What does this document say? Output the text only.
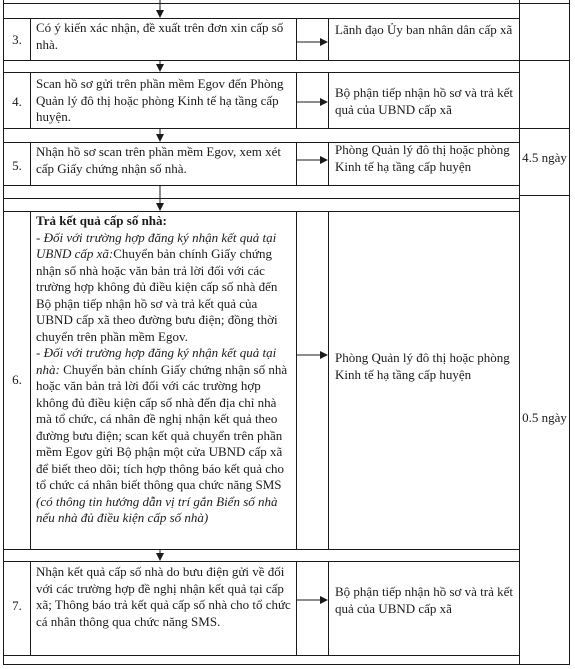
3.
Có ý kiến xác nhận, đề xuất trên đơn xin cấp số nhà.
Lãnh đạo Ủy ban nhân dân cấp xã
4.
Scan hồ sơ gửi trên phần mềm Egov đến Phòng Quản lý đô thị hoặc phòng Kinh tế hạ tầng cấp huyện.
Bộ phận tiếp nhận hồ sơ và trả kết quả của UBND cấp xã
5.
Nhận hồ sơ scan trên phần mềm Egov, xem xét cấp Giấy chứng nhận số nhà.
Phòng Quản lý đô thị hoặc phòng Kinh tế hạ tầng cấp huyện
4.5 ngày
6.
Trả kết quả cấp số nhà:
- Đối với trường hợp đăng ký nhận kết quả tại UBND cấp xã:Chuyển bản chính Giấy chứng nhận số nhà hoặc văn bản trả lời đối với các trường hợp không đủ điều kiện cấp số nhà đến Bộ phận tiếp nhận hồ sơ và trả kết quả của UBND cấp xã theo đường bưu điện; đồng thời chuyển trên phần mềm Egov.
- Đối với trường hợp đăng ký nhận kết quả tại nhà: Chuyển bản chính Giấy chứng nhận số nhà hoặc văn bản trả lời đối với các trường hợp không đủ điều kiện cấp số nhà đến địa chỉ nhà mà tổ chức, cá nhân đề nghị nhận kết quả theo đường bưu điện; scan kết quả chuyển trên phần mềm Egov gửi Bộ phận một cửa UBND cấp xã để biết theo dõi; tích hợp thông báo kết quả cho tổ chức cá nhân biết thông qua chức năng SMS (có thông tin hướng dẫn vị trí gắn Biển số nhà nếu nhà đủ điều kiện cấp số nhà)
Phòng Quản lý đô thị hoặc phòng Kinh tế hạ tầng cấp huyện
0.5 ngày
7.
Nhận kết quả cấp số nhà do bưu điện gửi về đối với các trường hợp đề nghị nhận kết quả tại cấp xã; Thông báo trả kết quả cấp số nhà cho tổ chức cá nhân thông qua chức năng SMS.
Bộ phận tiếp nhận hồ sơ và trả kết quả của UBND cấp xã
